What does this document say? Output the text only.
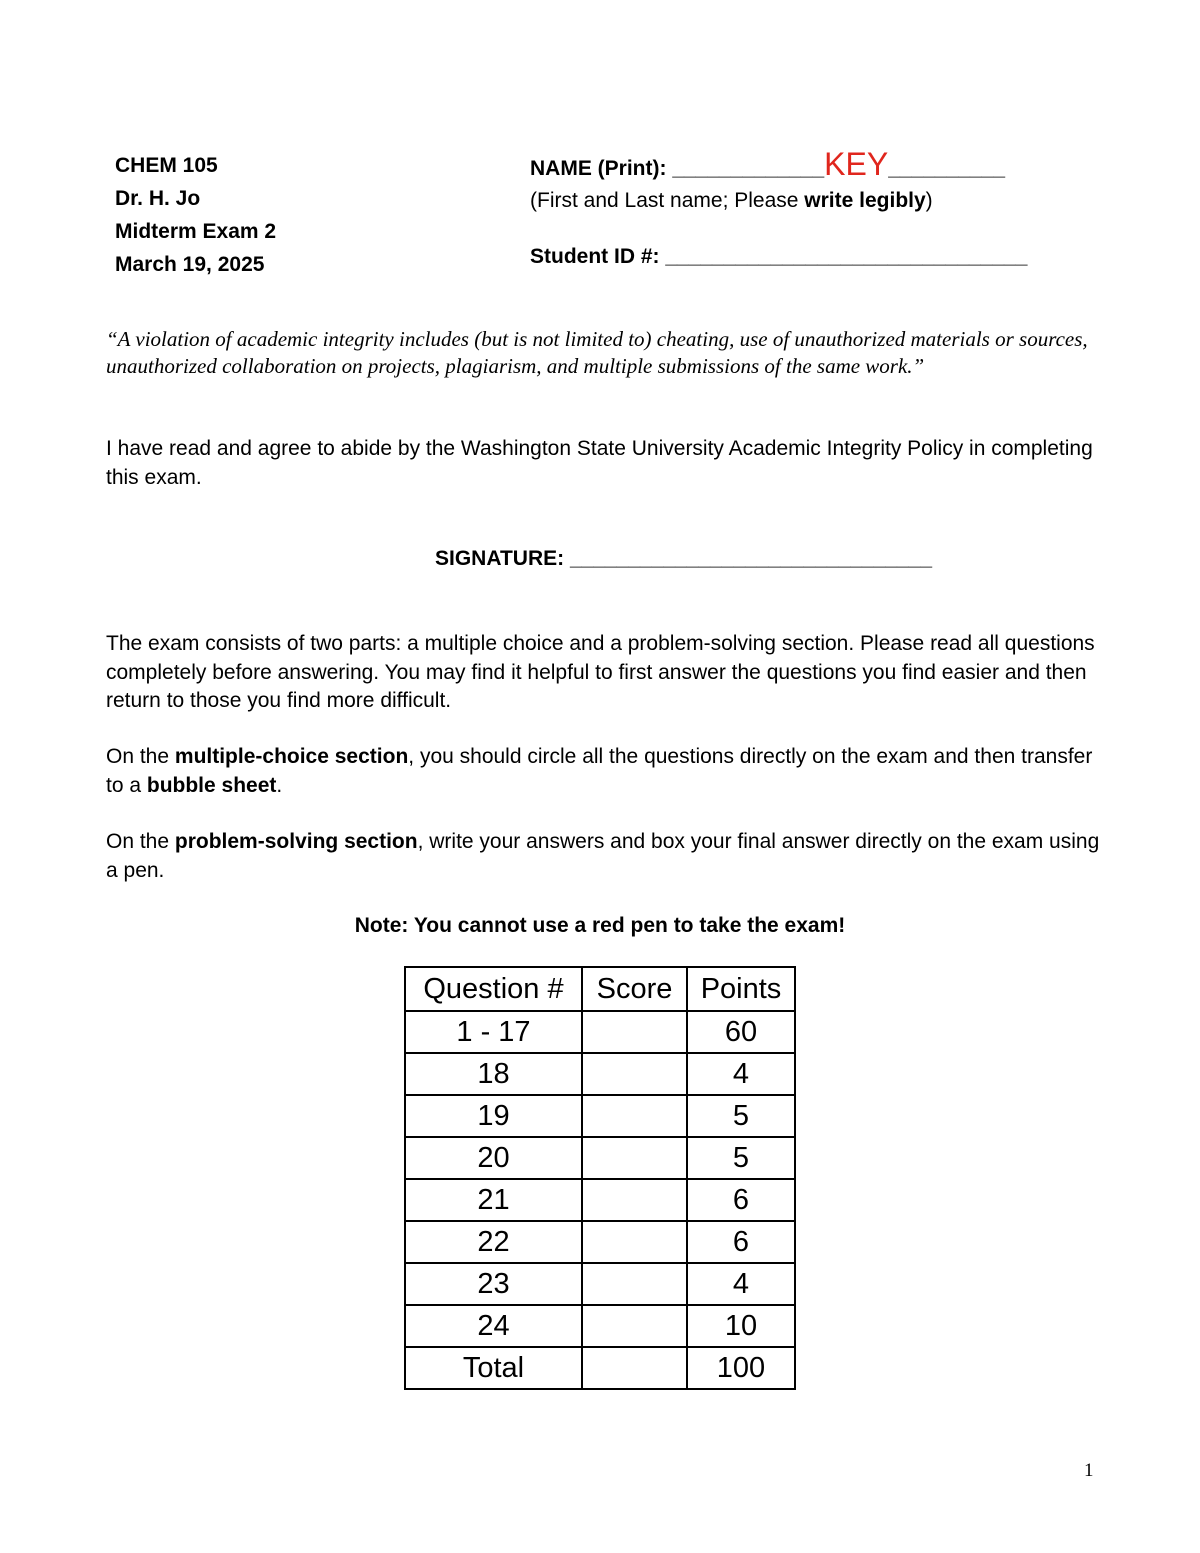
CHEM 105
Dr. H. Jo
Midterm Exam 2
March 19, 2025
NAME (Print): _____________KEY__________
(First and Last name; Please write legibly)
Student ID #: _______________________________
“A violation of academic integrity includes (but is not limited to) cheating, use of unauthorized materials or sources, unauthorized collaboration on projects, plagiarism, and multiple submissions of the same work.”
I have read and agree to abide by the Washington State University Academic Integrity Policy in completing this exam.
SIGNATURE: _______________________________
The exam consists of two parts: a multiple choice and a problem-solving section. Please read all questions completely before answering. You may find it helpful to first answer the questions you find easier and then return to those you find more difficult.
On the multiple-choice section, you should circle all the questions directly on the exam and then transfer to a bubble sheet.
On the problem-solving section, write your answers and box your final answer directly on the exam using a pen.
Note: You cannot use a red pen to take the exam!
Question #	Score	Points
1 - 17		60
18		4
19		5
20		5
21		6
22		6
23		4
24		10
Total		100
1
